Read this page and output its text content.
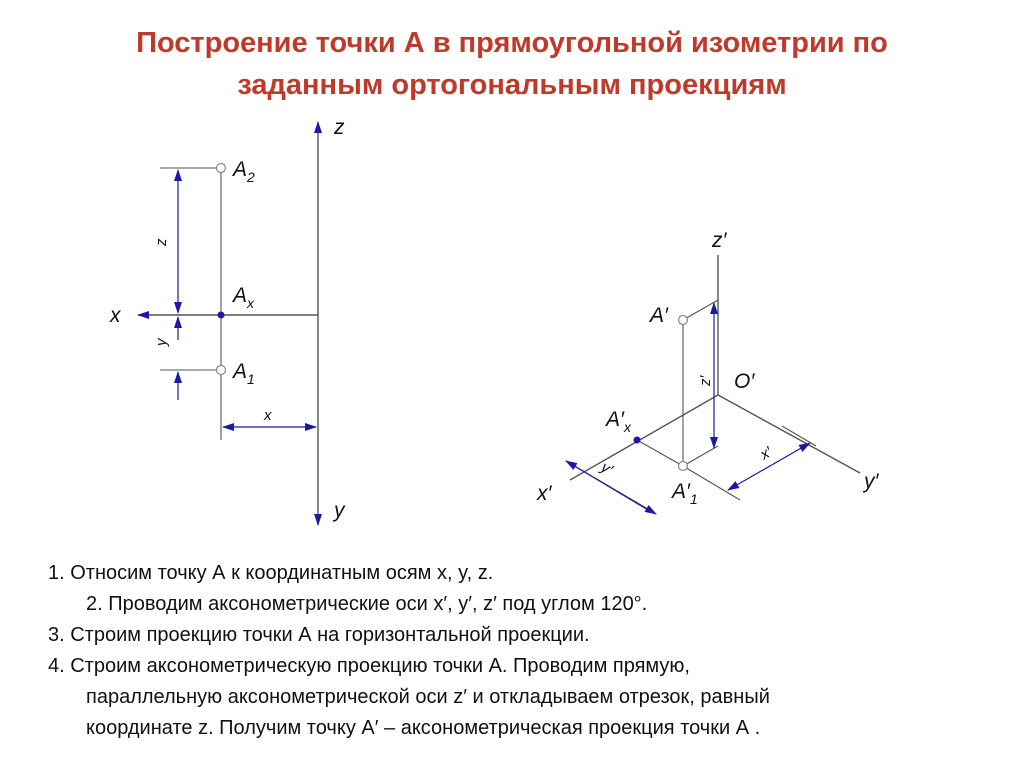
Построение точки А в прямоугольной изометрии по
заданным ортогональным проекциям
z
y
x
z
x
y
$A_2$
$A_x$
$A_1$	z′
y′
x′
z′
x′
y′
O′
A′
$A'_x$
$A'_1$
1. Относим точку А к координатным осям x, y, z.
2. Проводим аксонометрические оси x′, y′, z′ под углом 120°.
3. Строим проекцию точки А на горизонтальной проекции.
4. Строим аксонометрическую проекцию точки А. Проводим прямую,
параллельную аксонометрической оси z′ и откладываем отрезок, равный
координате z. Получим точку А′ – аксонометрическая проекция точки А .
